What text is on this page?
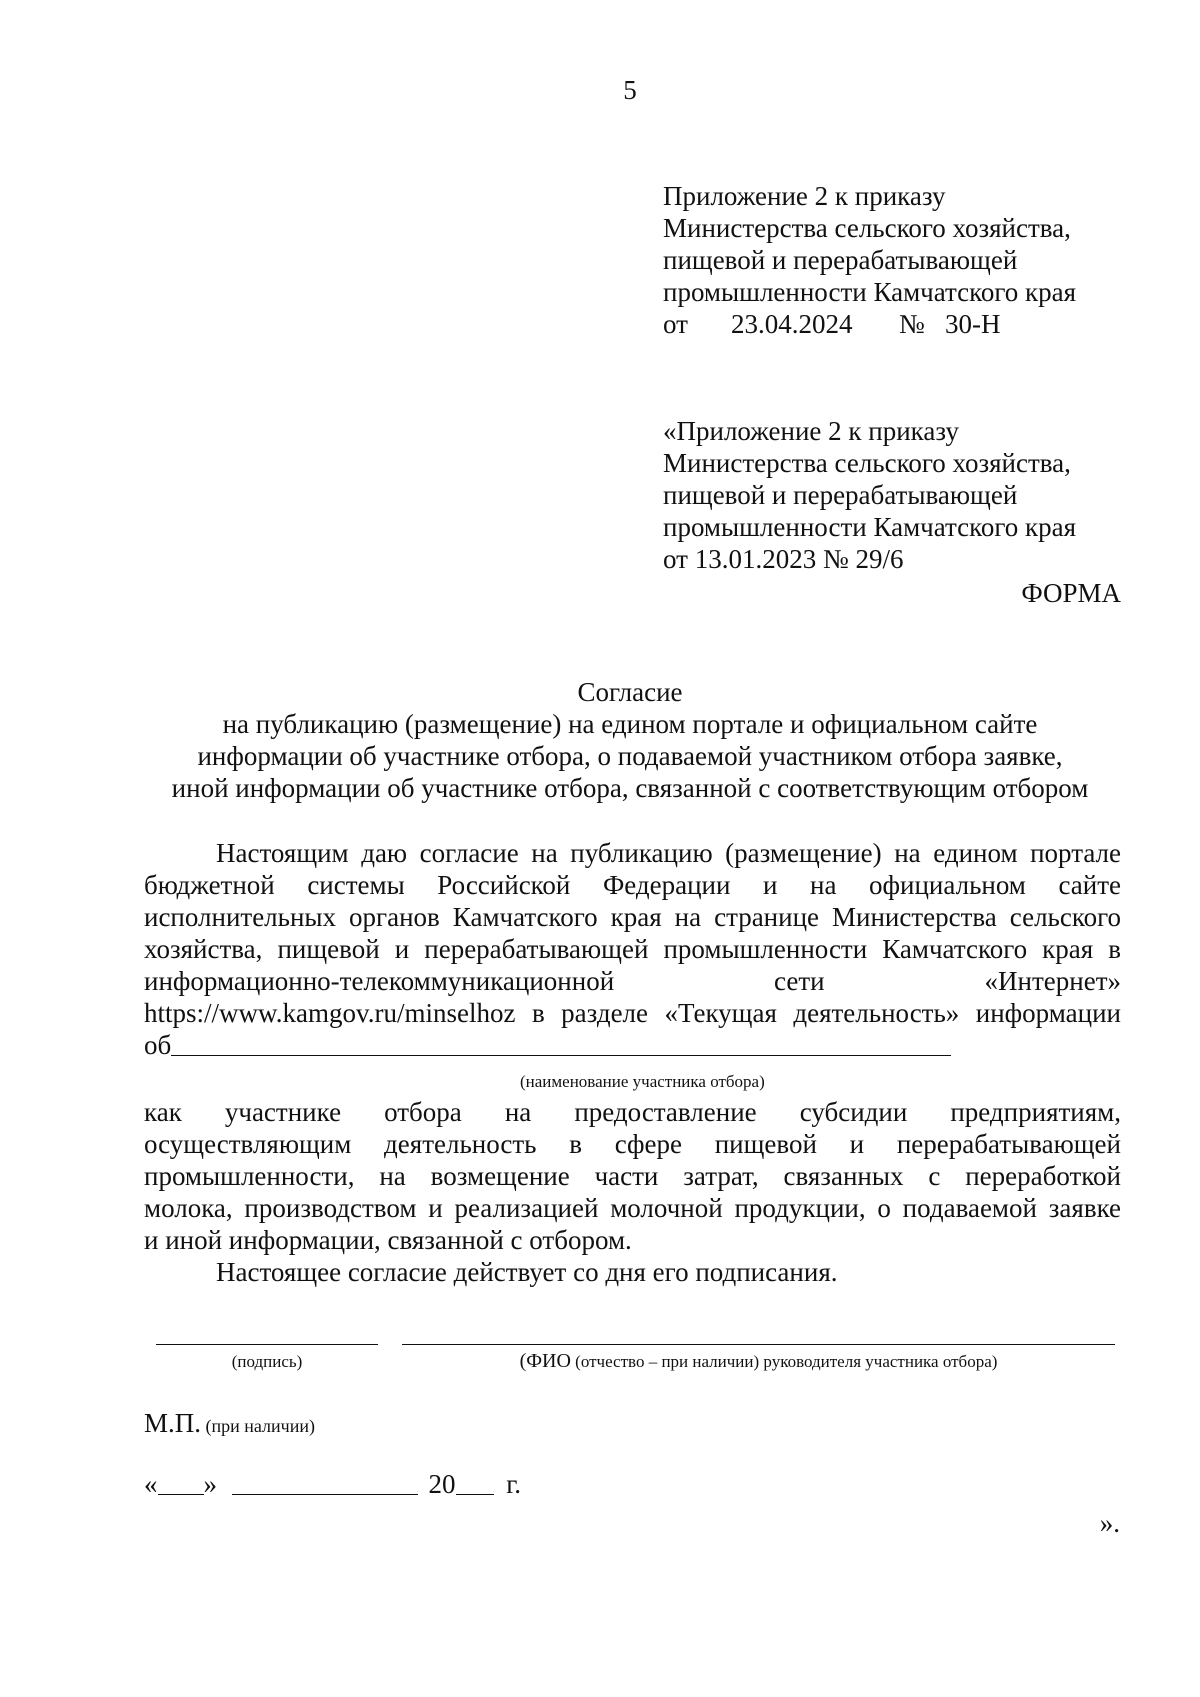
5
Приложение 2 к приказу
Министерства сельского хозяйства,
пищевой и перерабатывающей
промышленности Камчатского края
от 23.04.2024 № 30-Н
«Приложение 2 к приказу
Министерства сельского хозяйства,
пищевой и перерабатывающей
промышленности Камчатского края
от 13.01.2023 № 29/6
ФОРМА
Согласие
на публикацию (размещение) на едином портале и официальном сайте
информации об участнике отбора, о подаваемой участником отбора заявке,
иной информации об участнике отбора, связанной с соответствующим отбором
Настоящим даю согласие на публикацию (размещение) на едином портале
бюджетной системы Российской Федерации и на официальном сайте
исполнительных органов Камчатского края на странице Министерства сельского
хозяйства, пищевой и перерабатывающей промышленности Камчатского края в
информационно-телекоммуникационной сети «Интернет»
https://www.kamgov.ru/minselhoz в разделе «Текущая деятельность» информации
об
(наименование участника отбора)
как участнике отбора на предоставление субсидии предприятиям,
осуществляющим деятельность в сфере пищевой и перерабатывающей
промышленности, на возмещение части затрат, связанных с переработкой
молока, производством и реализацией молочной продукции, о подаваемой заявке
и иной информации, связанной с отбором.
Настоящее согласие действует со дня его подписания.
(подпись)	(ФИО (отчество – при наличии) руководителя участника отбора)
М.П. (при наличии)
« »	20 г.
».
